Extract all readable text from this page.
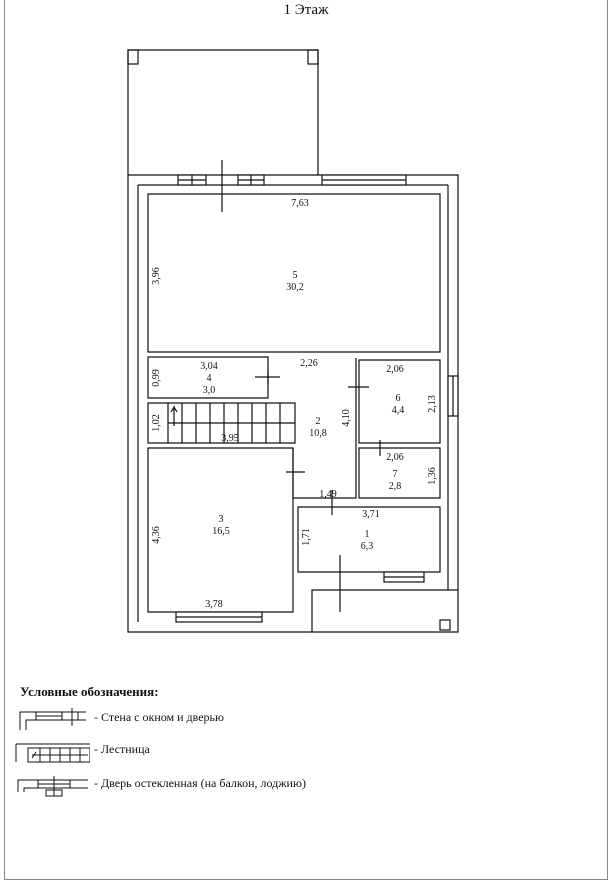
1 Этаж
5
30,2
4
3,0
2
10,8
6
4,4
7
2,8
3
16,5	1
6,3
7,63
3,96
3,04
0,99
2,26
2,06
2,13
4,10
1,02
3,95
2,06
1,36
1,49
3,71
4,36	1,71
3,78
Условные обозначения:
- Стена с окном и дверью
- Лестница
- Дверь остекленная (на балкон, лоджию)
